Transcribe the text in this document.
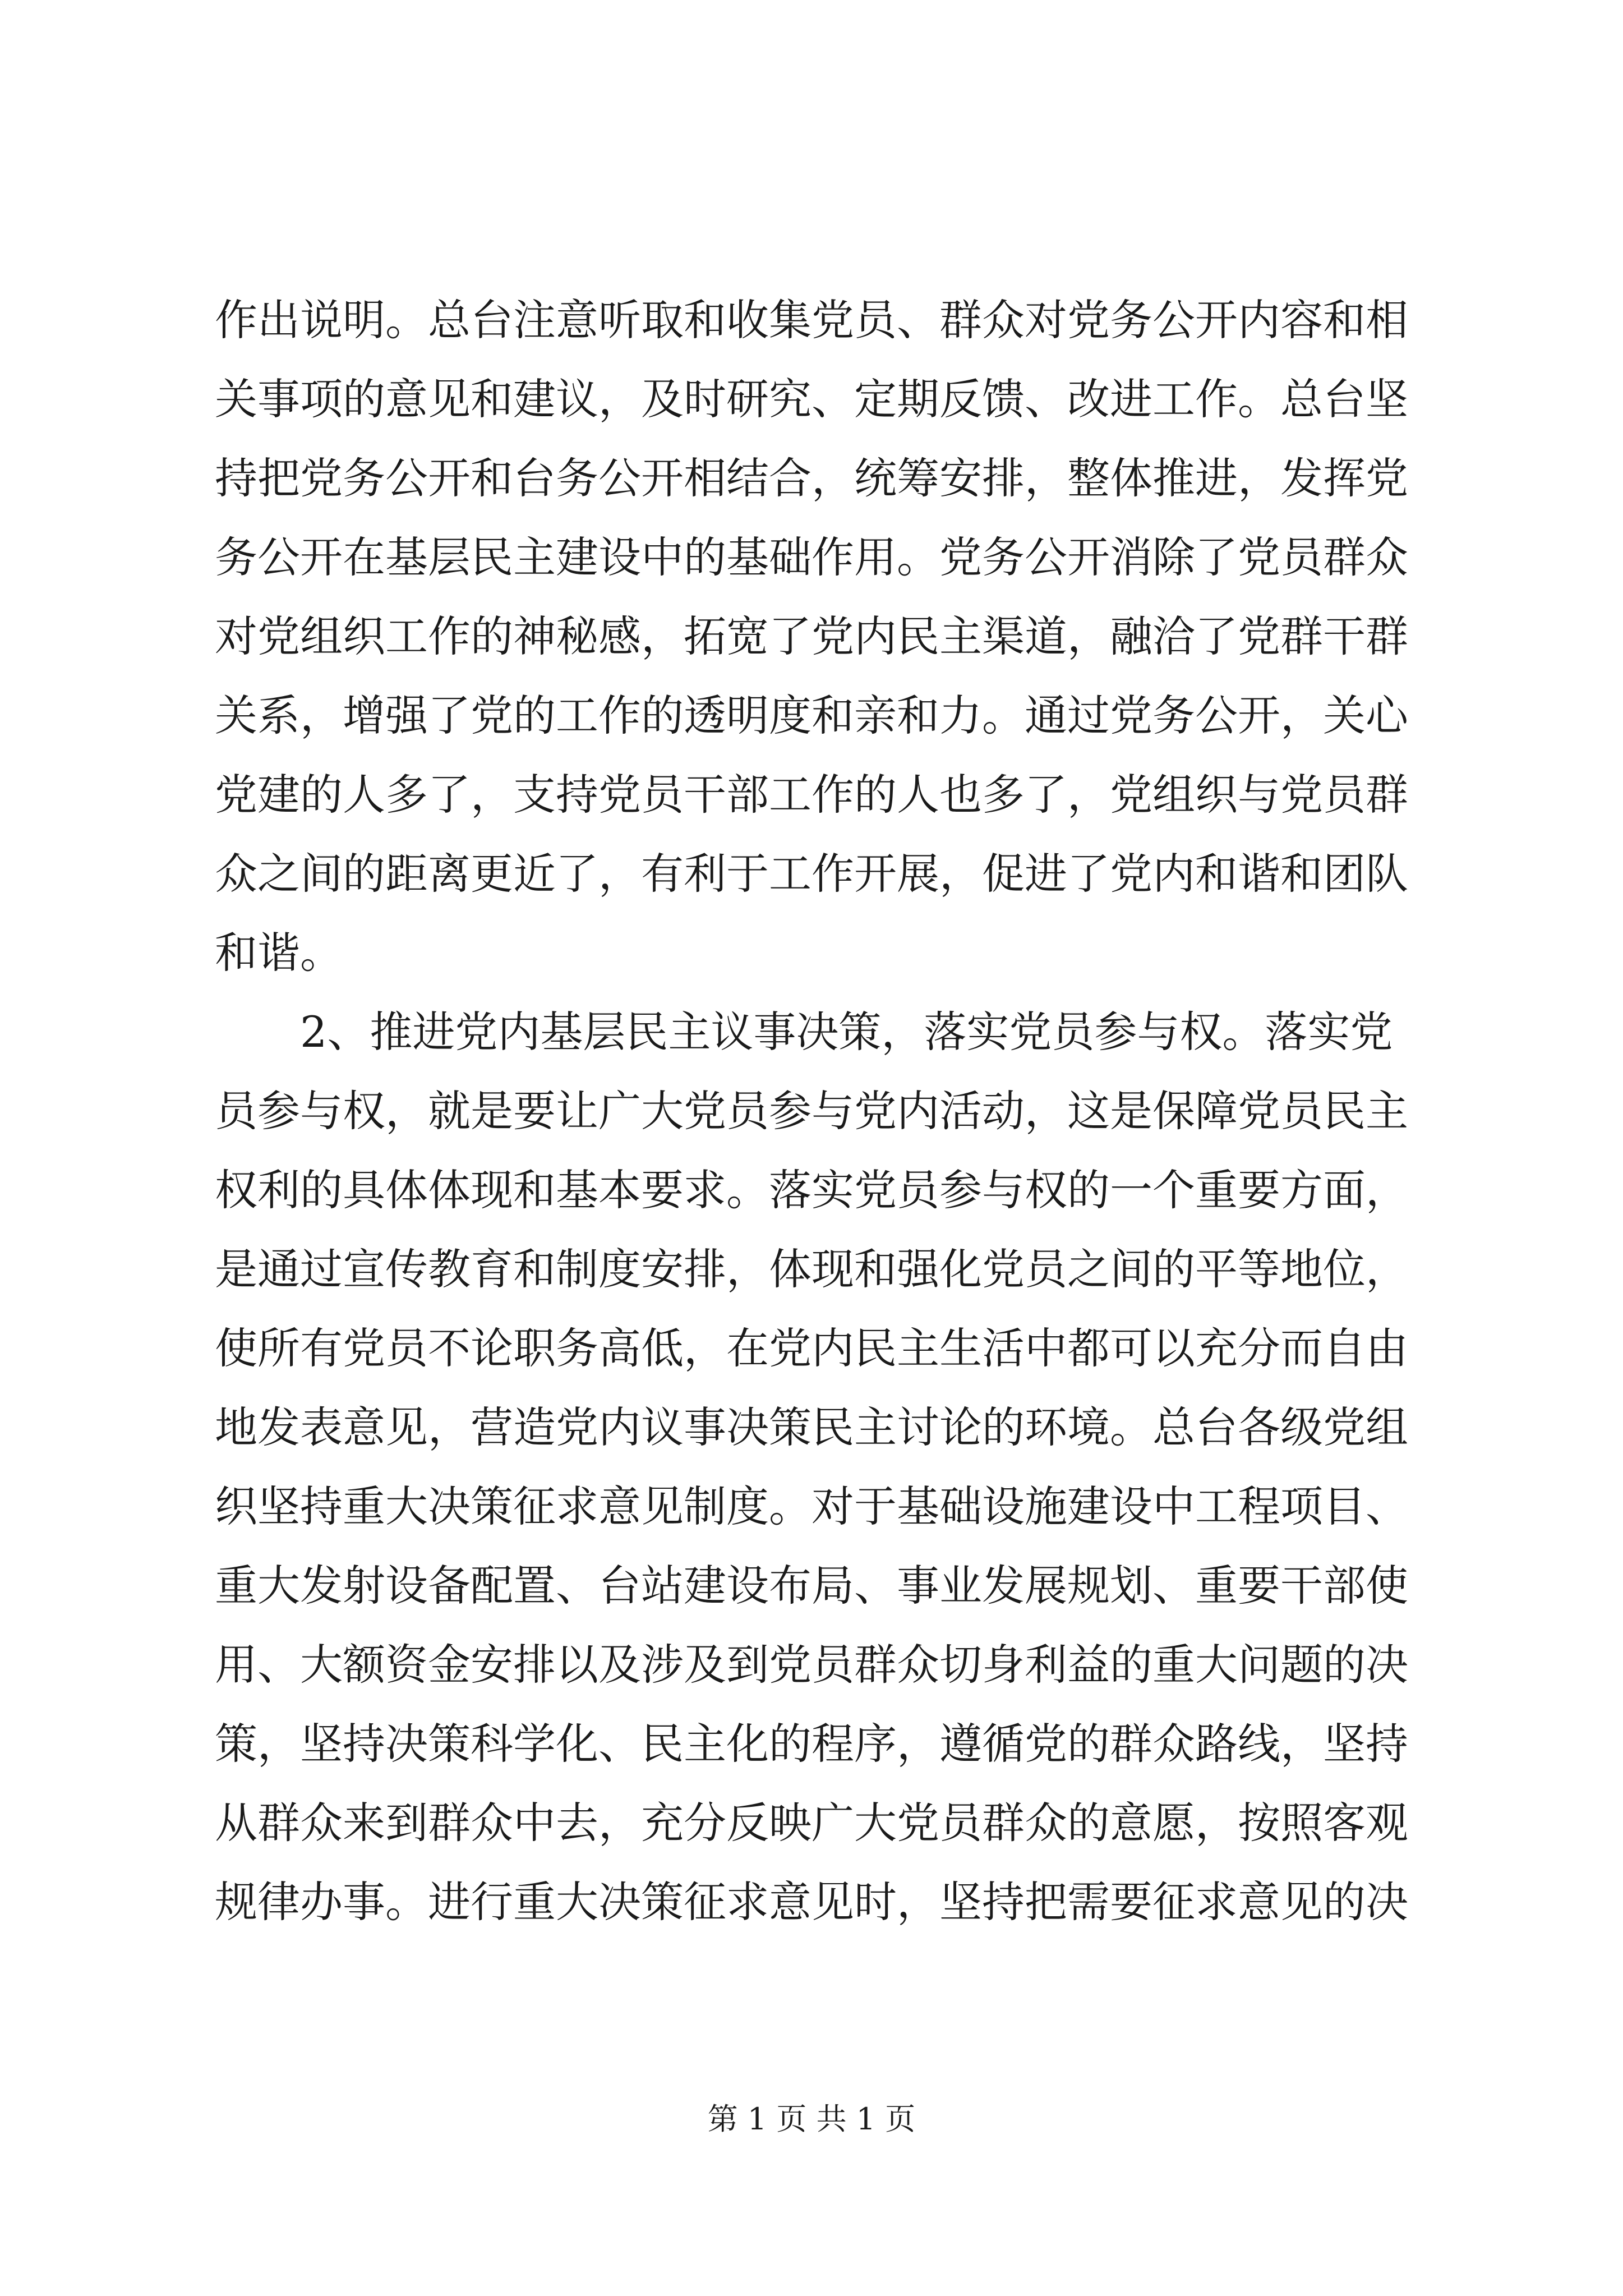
作出说明。总台注意听取和收集党员、群众对党务公开内容和相
关事项的意见和建议，及时研究、定期反馈、改进工作。总台坚
持把党务公开和台务公开相结合，统筹安排，整体推进，发挥党
务公开在基层民主建设中的基础作用。党务公开消除了党员群众
对党组织工作的神秘感，拓宽了党内民主渠道，融洽了党群干群
关系，增强了党的工作的透明度和亲和力。通过党务公开，关心
党建的人多了，支持党员干部工作的人也多了，党组织与党员群
众之间的距离更近了，有利于工作开展，促进了党内和谐和团队
和谐。
2、推进党内基层民主议事决策，落实党员参与权。落实党
员参与权，就是要让广大党员参与党内活动，这是保障党员民主
权利的具体体现和基本要求。落实党员参与权的一个重要方面，
是通过宣传教育和制度安排，体现和强化党员之间的平等地位，
使所有党员不论职务高低，在党内民主生活中都可以充分而自由
地发表意见，营造党内议事决策民主讨论的环境。总台各级党组
织坚持重大决策征求意见制度。对于基础设施建设中工程项目、
重大发射设备配置、台站建设布局、事业发展规划、重要干部使
用、大额资金安排以及涉及到党员群众切身利益的重大问题的决
策，坚持决策科学化、民主化的程序，遵循党的群众路线，坚持
从群众来到群众中去，充分反映广大党员群众的意愿，按照客观
规律办事。进行重大决策征求意见时，坚持把需要征求意见的决
第 1 页 共 1 页
